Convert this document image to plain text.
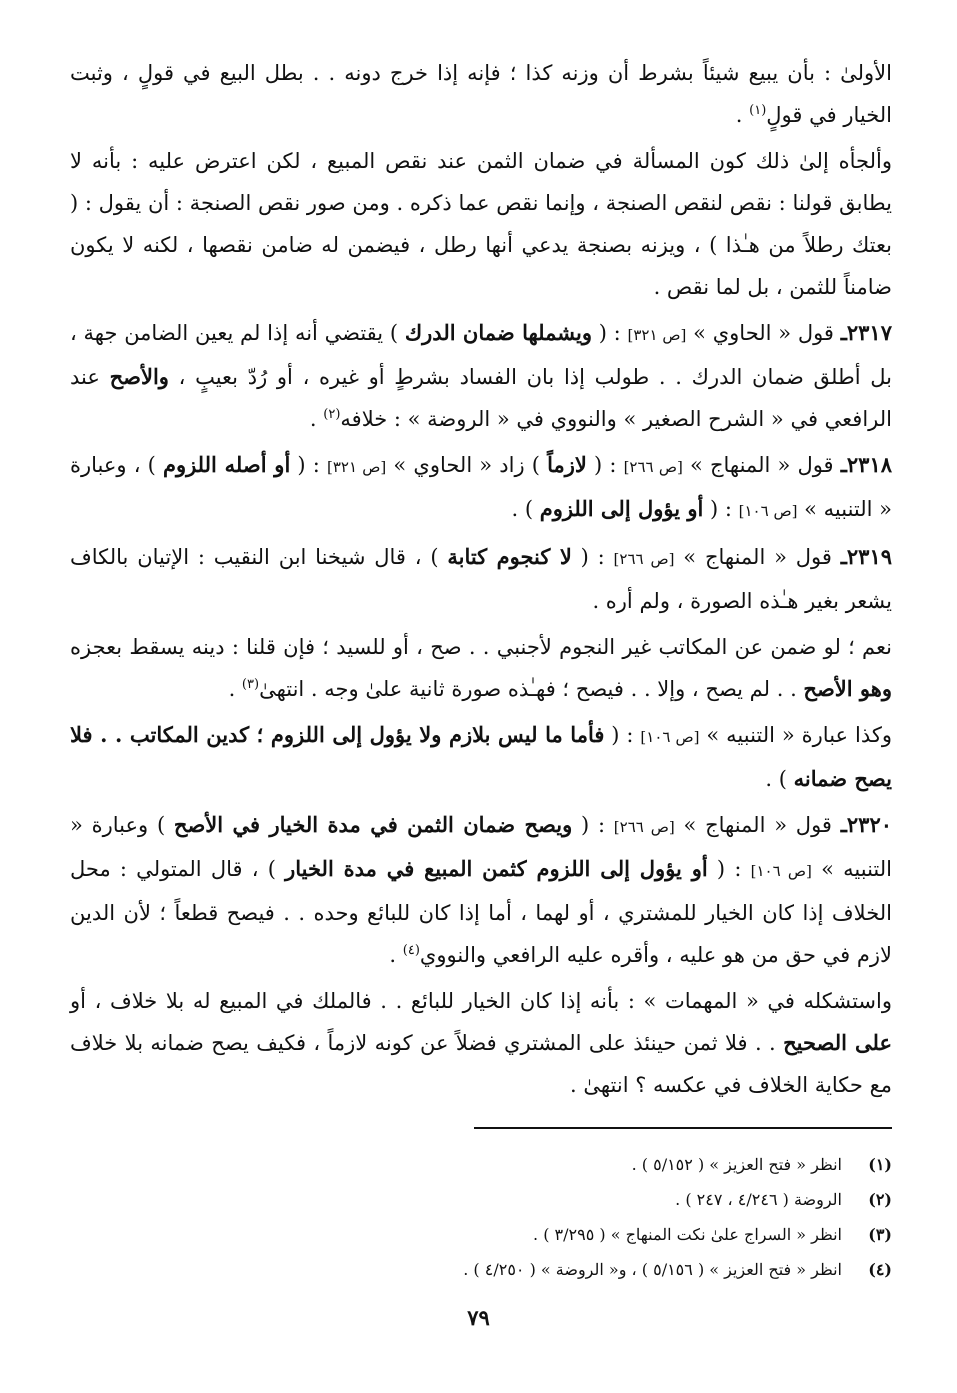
الأولىٰ : بأن يبيع شيئاً بشرط أن وزنه كذا ؛ فإنه إذا خرج دونه . . بطل البيع في قولٍ ، وثبت الخيار في قولٍ$^{(١)}$ .

وألجأه إلىٰ ذلك كون المسألة في ضمان الثمن عند نقص المبيع ، لكن اعترض عليه : بأنه لا يطابق قولنا : نقص لنقص الصنجة ، وإنما نقص عما ذكره . ومن صور نقص الصنجة : أن يقول : ( بعتك رطلاً من هـٰذا ) ، ويزنه بصنجة يدعي أنها رطل ، فيضمن له ضامن نقصها ، لكنه لا يكون ضامناً للثمن ، بل لما نقص .

٢٣١٧ـ قول « الحاوي » [ص ٣٢١] : ( ويشملها ضمان الدرك ) يقتضي أنه إذا لم يعين الضامن جهة ، بل أطلق ضمان الدرك . . طولب إذا بان الفساد بشرطٍ أو غيره ، أو رُدّ بعيبٍ ، والأصح عند الرافعي في « الشرح الصغير » والنووي في « الروضة » : خلافه$^{(٢)}$ .

٢٣١٨ـ قول « المنهاج » [ص ٢٦٦] : ( لازماً ) زاد « الحاوي » [ص ٣٢١] : ( أو أصله اللزوم ) ، وعبارة « التنبيه » [ص ١٠٦] : ( أو يؤول إلى اللزوم ) .

٢٣١٩ـ قول « المنهاج » [ص ٢٦٦] : ( لا كنجوم كتابة ) ، قال شيخنا ابن النقيب : الإتيان بالكاف يشعر بغير هـٰذه الصورة ، ولم أره .

نعم ؛ لو ضمن عن المكاتب غير النجوم لأجنبي . . صح ، أو للسيد ؛ فإن قلنا : دينه يسقط بعجزه وهو الأصح . . لم يصح ، وإلا . . فيصح ؛ فهـٰذه صورة ثانية علىٰ وجه . انتهىٰ$^{(٣)}$ .

وكذا عبارة « التنبيه » [ص ١٠٦] : ( فأما ما ليس بلازم ولا يؤول إلى اللزوم ؛ كدين المكاتب . . فلا يصح ضمانه ) .

٢٣٢٠ـ قول « المنهاج » [ص ٢٦٦] : ( ويصح ضمان الثمن في مدة الخيار في الأصح ) وعبارة « التنبيه » [ص ١٠٦] : ( أو يؤول إلى اللزوم كثمن المبيع في مدة الخيار ) ، قال المتولي : محل الخلاف إذا كان الخيار للمشتري ، أو لهما ، أما إذا كان للبائع وحده . . فيصح قطعاً ؛ لأن الدين لازم في حق من هو عليه ، وأقره عليه الرافعي والنووي$^{(٤)}$ .

واستشكله في « المهمات » : بأنه إذا كان الخيار للبائع . . فالملك في المبيع له بلا خلاف ، أو على الصحيح . . فلا ثمن حينئذ على المشتري فضلاً عن كونه لازماً ، فكيف يصح ضمانه بلا خلاف مع حكاية الخلاف في عكسه ؟ انتهىٰ .

(١)
انظر « فتح العزيز » ( ٥/١٥٢ ) .
(٢)
الروضة ( ٤/٢٤٦ ، ٢٤٧ ) .
(٣)
انظر « السراج علىٰ نكت المنهاج » ( ٣/٢٩٥ ) .
(٤)
انظر « فتح العزيز » ( ٥/١٥٦ ) ، و« الروضة » ( ٤/٢٥٠ ) .
٧٩
